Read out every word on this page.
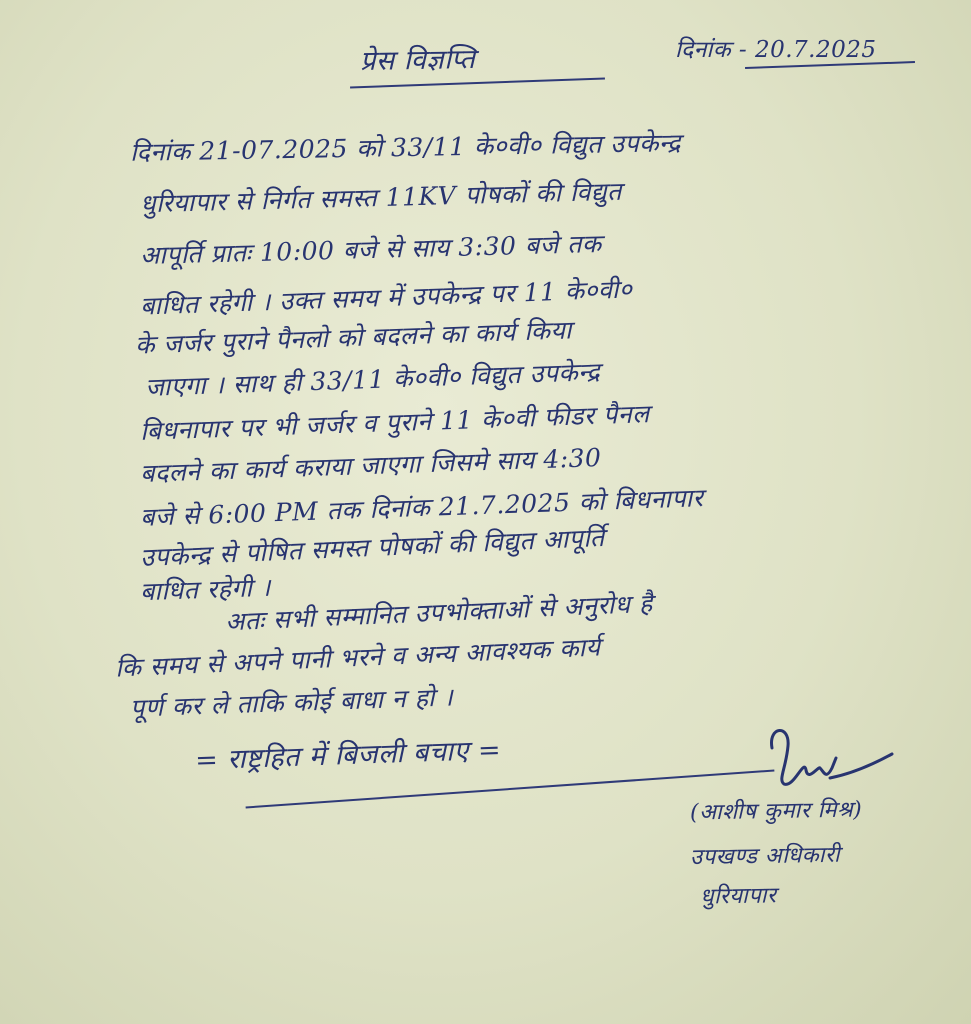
प्रेस विज्ञप्ति	दिनांक - 20.7.2025
दिनांक 21-07.2025 को 33/11 के०वी० विद्युत उपकेन्द्र
धुरियापार से निर्गत समस्त 11KV पोषकों की विद्युत
आपूर्ति प्रातः 10:00 बजे से साय 3:30 बजे तक
बाधित रहेगी । उक्त समय में उपकेन्द्र पर 11 के०वी०
के जर्जर पुराने पैनलो को बदलने का कार्य किया
जाएगा । साथ ही 33/11 के०वी० विद्युत उपकेन्द्र
बिधनापार पर भी जर्जर व पुराने 11 के०वी फीडर पैनल
बदलने का कार्य कराया जाएगा जिसमे साय 4:30
बजे से 6:00 PM तक दिनांक 21.7.2025 को बिधनापार
उपकेन्द्र से पोषित समस्त पोषकों की विद्युत आपूर्ति
बाधित रहेगी ।
अतः सभी सम्मानित उपभोक्ताओं से अनुरोध है
कि समय से अपने पानी भरने व अन्य आवश्यक कार्य
पूर्ण कर ले ताकि कोई बाधा न हो ।
= राष्ट्रहित में बिजली बचाए =
(आशीष कुमार मिश्र)
उपखण्ड अधिकारी
धुरियापार
